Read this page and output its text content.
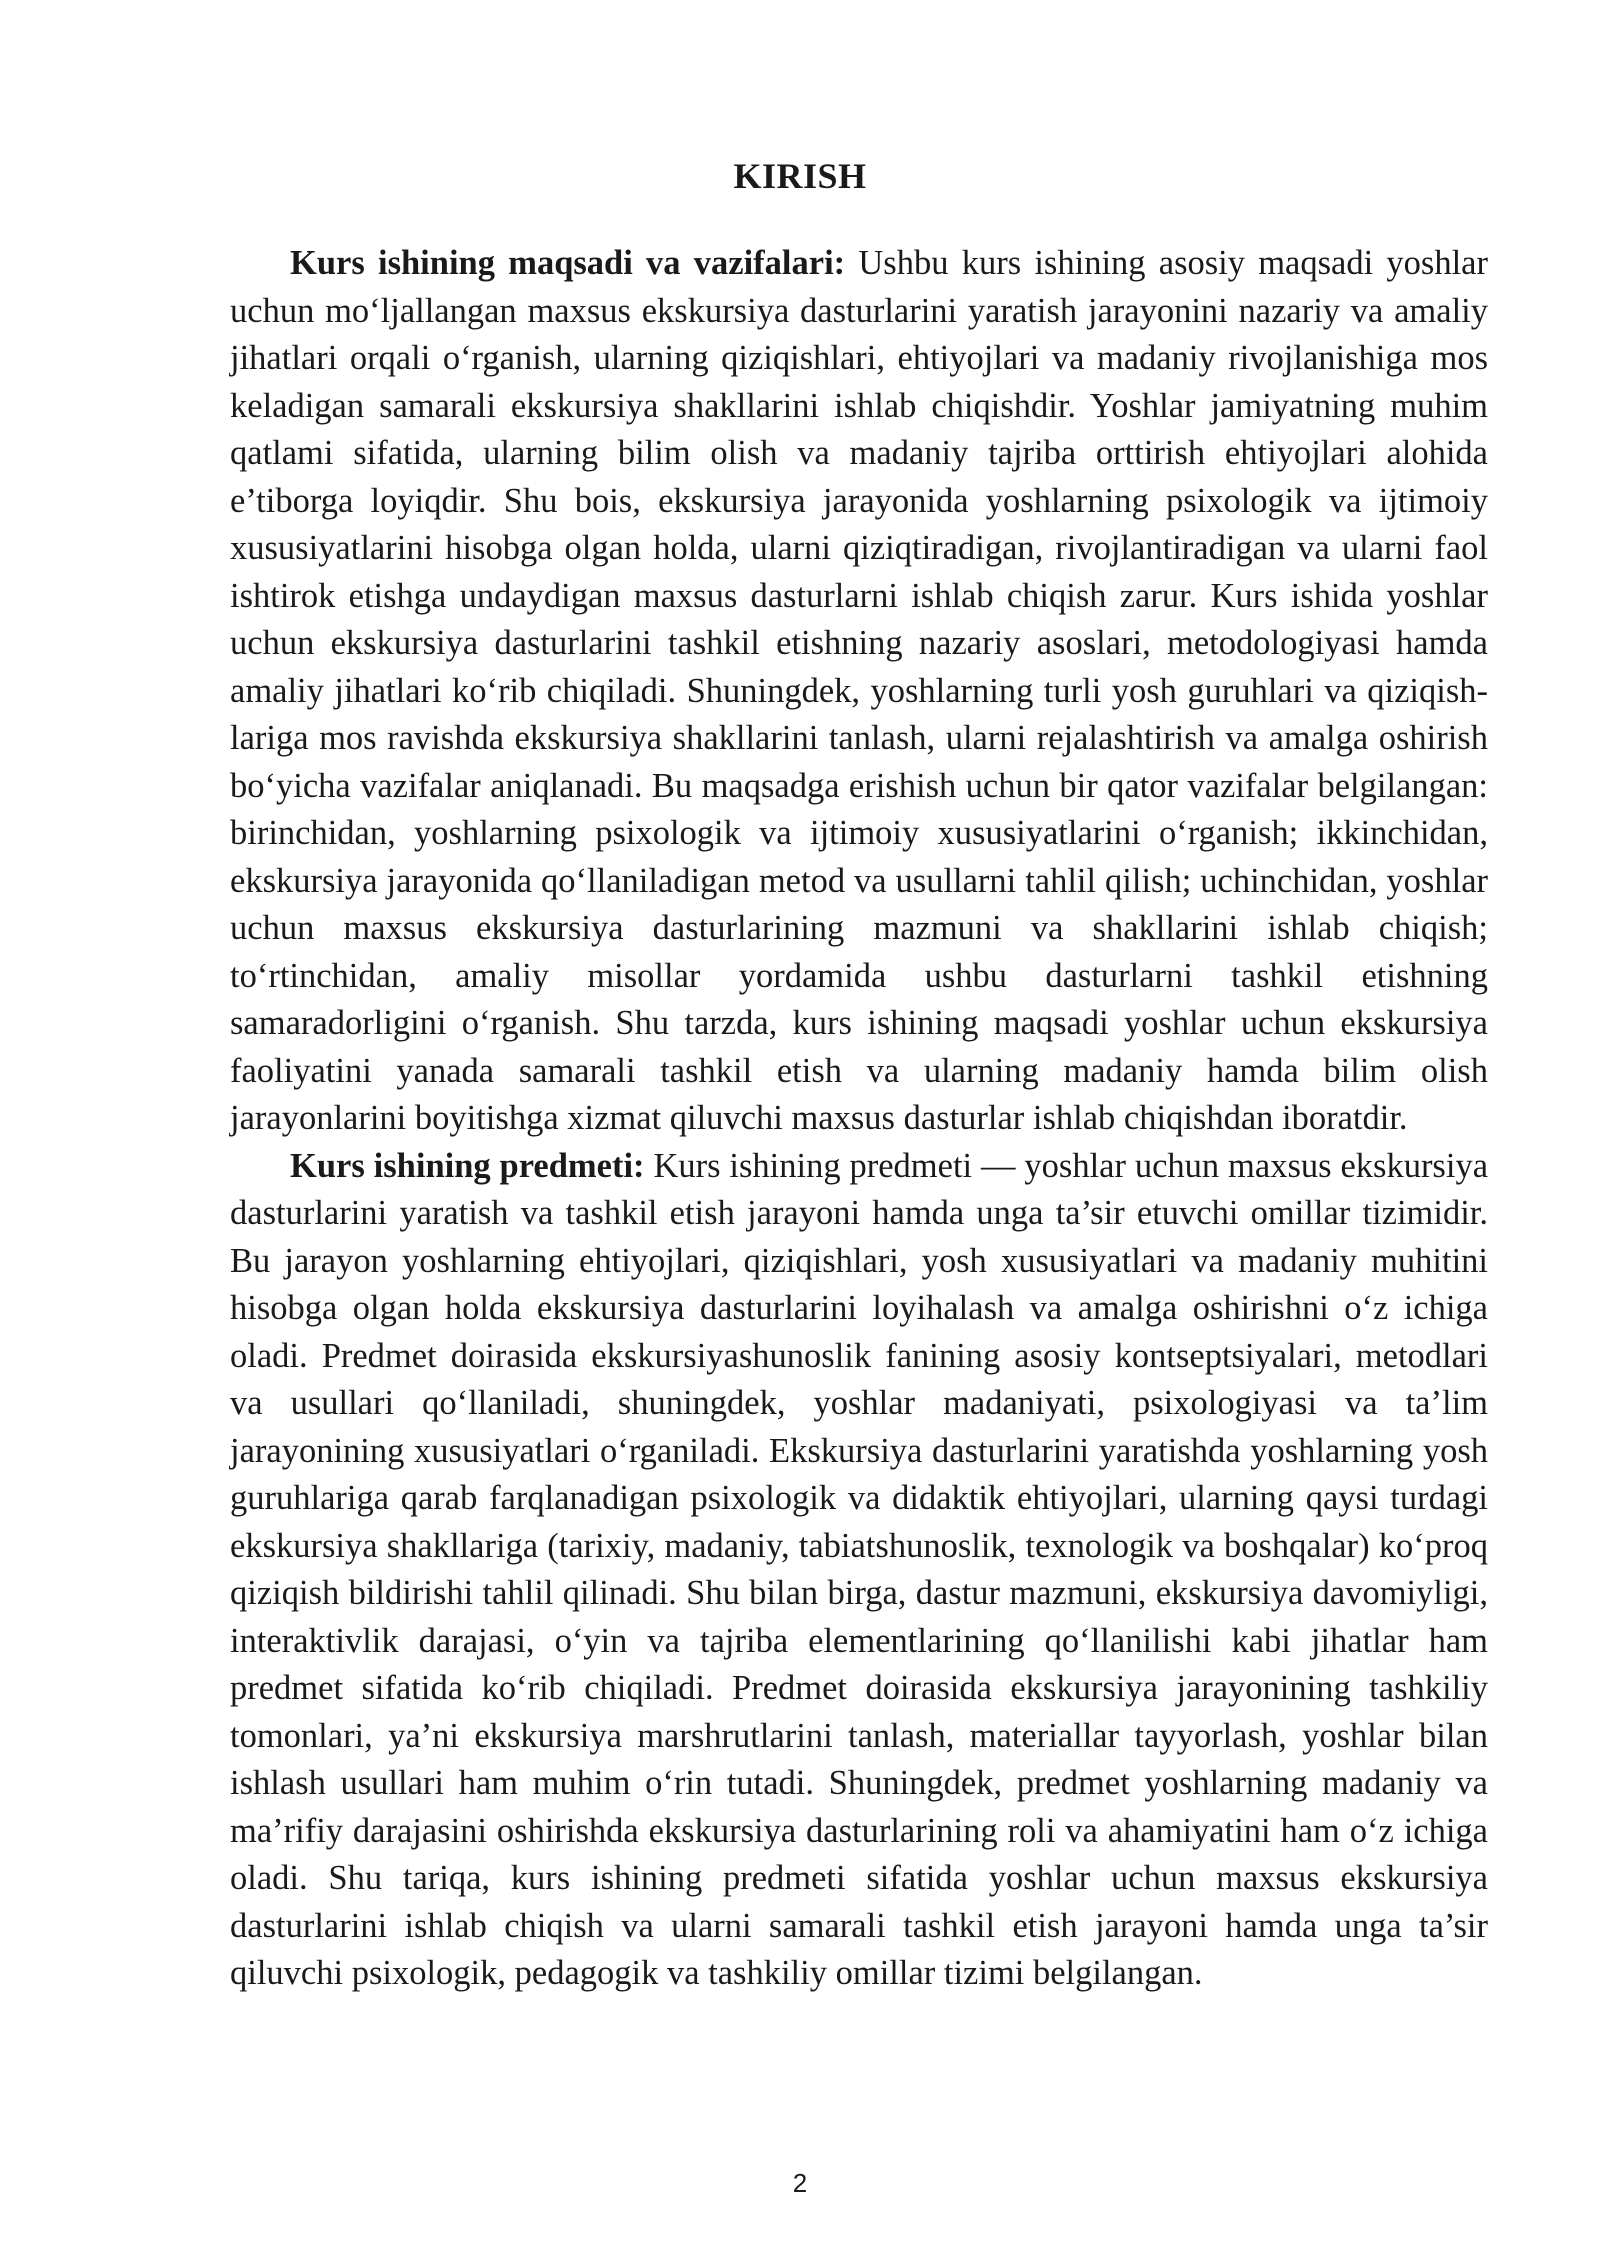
KIRISH

Kurs ishining maqsadi va vazifalari: Ushbu kurs ishining asosiy maqsadi yoshlar uchun mo‘ljallangan maxsus ekskursiya dasturlarini yaratish jarayonini nazariy va amaliy jihatlari orqali o‘rganish, ularning qiziqishlari, ehtiyojlari va madaniy rivojlanishiga mos keladigan samarali ekskursiya shakllarini ishlab chiqishdir. Yoshlar jamiyatning muhim qatlami sifatida, ularning bilim olish va madaniy tajriba orttirish ehtiyojlari alohida e’tiborga loyiqdir. Shu bois, ekskursiya jarayonida yoshlarning psixologik va ijtimoiy xususiyatlarini hisobga olgan holda, ularni qiziqtiradigan, rivojlantiradigan va ularni faol ishtirok etishga undaydigan maxsus dasturlarni ishlab chiqish zarur. Kurs ishida yoshlar uchun ekskursiya dasturlarini tashkil etishning nazariy asoslari, metodologiyasi hamda amaliy jihatlari ko‘rib chiqiladi. Shuningdek, yoshlarning turli yosh guruhlari va qiziqishlariga mos ravishda ekskursiya shakllarini tanlash, ularni rejalashtirish va amalga oshirish bo‘yicha vazifalar aniqlanadi. Bu maqsadga erishish uchun bir qator vazifalar belgilangan: birinchidan, yoshlarning psixologik va ijtimoiy xususiyatlarini o‘rganish; ikkinchidan, ekskursiya jarayonida qo‘llaniladigan metod va usullarni tahlil qilish; uchinchidan, yoshlar uchun maxsus ekskursiya dasturlarining mazmuni va shakllarini ishlab chiqish; to‘rtinchidan, amaliy misollar yordamida ushbu dasturlarni tashkil etishning samaradorligini o‘rganish. Shu tarzda, kurs ishining maqsadi yoshlar uchun ekskursiya faoliyatini yanada samarali tashkil etish va ularning madaniy hamda bilim olish jarayonlarini boyitishga xizmat qiluvchi maxsus dasturlar ishlab chiqishdan iboratdir.

Kurs ishining predmeti: Kurs ishining predmeti — yoshlar uchun maxsus ekskursiya dasturlarini yaratish va tashkil etish jarayoni hamda unga ta’sir etuvchi omillar tizimidir. Bu jarayon yoshlarning ehtiyojlari, qiziqishlari, yosh xususiyatlari va madaniy muhitini hisobga olgan holda ekskursiya dasturlarini loyihalash va amalga oshirishni o‘z ichiga oladi. Predmet doirasida ekskursiyashunoslik fanining asosiy kontseptsiyalari, metodlari va usullari qo‘llaniladi, shuningdek, yoshlar madaniyati, psixologiyasi va ta’lim jarayonining xususiyatlari o‘rganiladi. Ekskursiya dasturlarini yaratishda yoshlarning yosh guruhlariga qarab farqlanadigan psixologik va didaktik ehtiyojlari, ularning qaysi turdagi ekskursiya shakllariga (tarixiy, madaniy, tabiatshunoslik, texnologik va boshqalar) ko‘proq qiziqish bildirishi tahlil qilinadi. Shu bilan birga, dastur mazmuni, ekskursiya davomiyligi, interaktivlik darajasi, o‘yin va tajriba elementlarining qo‘llanilishi kabi jihatlar ham predmet sifatida ko‘rib chiqiladi. Predmet doirasida ekskursiya jarayonining tashkiliy tomonlari, ya’ni ekskursiya marshrutlarini tanlash, materiallar tayyorlash, yoshlar bilan ishlash usullari ham muhim o‘rin tutadi. Shuningdek, predmet yoshlarning madaniy va ma’rifiy darajasini oshirishda ekskursiya dasturlarining roli va ahamiyatini ham o‘z ichiga oladi. Shu tariqa, kurs ishining predmeti sifatida yoshlar uchun maxsus ekskursiya dasturlarini ishlab chiqish va ularni samarali tashkil etish jarayoni hamda unga ta’sir qiluvchi psixologik, pedagogik va tashkiliy omillar tizimi belgilangan.

2
